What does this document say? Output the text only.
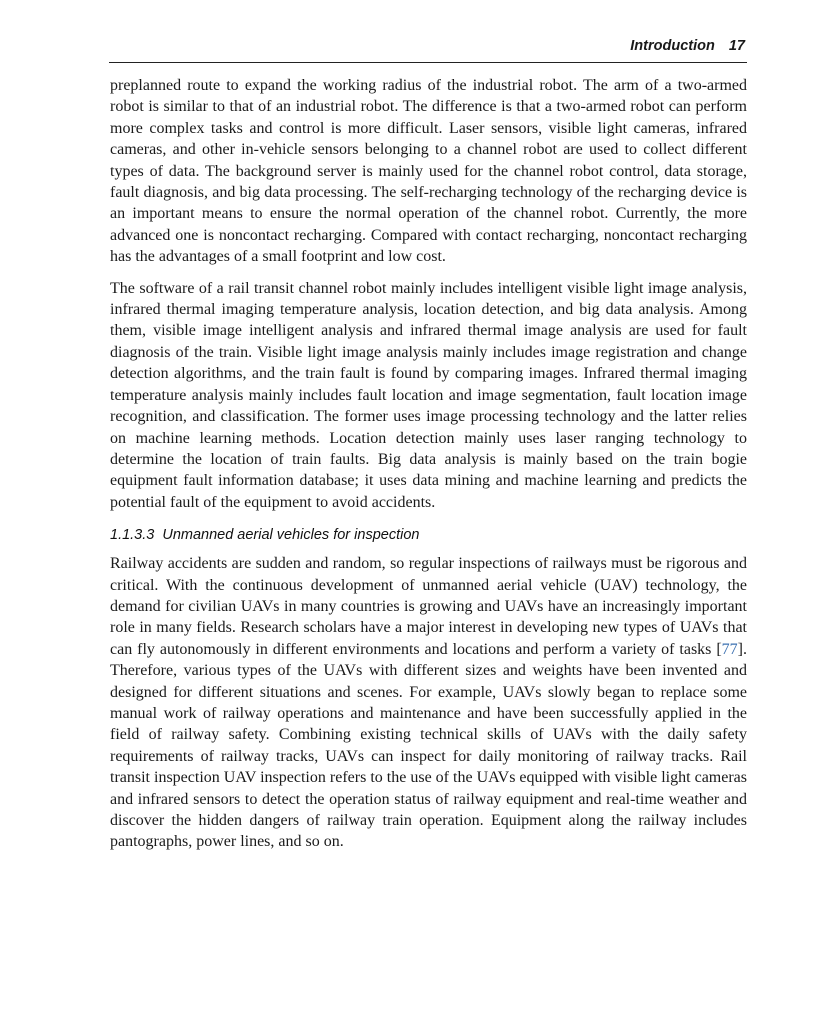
Introduction 17

preplanned route to expand the working radius of the industrial robot. The arm of a two-armed robot is similar to that of an industrial robot. The difference is that a two-armed robot can perform more complex tasks and control is more difficult. Laser sensors, visible light cameras, infrared cameras, and other in-vehicle sensors belonging to a channel robot are used to collect different types of data. The background server is mainly used for the channel robot control, data storage, fault diagnosis, and big data processing. The self-recharging technology of the recharging device is an important means to ensure the normal operation of the channel robot. Currently, the more advanced one is noncontact recharging. Compared with contact recharging, noncontact recharging has the advantages of a small footprint and low cost.

The software of a rail transit channel robot mainly includes intelligent visible light image analysis, infrared thermal imaging temperature analysis, location detection, and big data analysis. Among them, visible image intelligent analysis and infrared thermal image analysis are used for fault diagnosis of the train. Visible light image analysis mainly includes image registration and change detection algorithms, and the train fault is found by comparing images. Infrared thermal imaging temperature analysis mainly includes fault location and image segmentation, fault location image recognition, and classification. The former uses image processing technology and the latter relies on machine learning methods. Location detection mainly uses laser ranging technology to determine the location of train faults. Big data analysis is mainly based on the train bogie equipment fault information database; it uses data mining and machine learning and predicts the potential fault of the equipment to avoid accidents.

1.1.3.3 Unmanned aerial vehicles for inspection

Railway accidents are sudden and random, so regular inspections of railways must be rigorous and critical. With the continuous development of unmanned aerial vehicle (UAV) technology, the demand for civilian UAVs in many countries is growing and UAVs have an increasingly important role in many fields. Research scholars have a major interest in developing new types of UAVs that can fly autonomously in different environments and locations and perform a variety of tasks [77]. Therefore, various types of the UAVs with different sizes and weights have been invented and designed for different situations and scenes. For example, UAVs slowly began to replace some manual work of railway operations and maintenance and have been successfully applied in the field of railway safety. Combining existing technical skills of UAVs with the daily safety requirements of railway tracks, UAVs can inspect for daily monitoring of railway tracks. Rail transit inspection UAV inspection refers to the use of the UAVs equipped with visible light cameras and infrared sensors to detect the operation status of railway equipment and real-time weather and discover the hidden dangers of railway train operation. Equipment along the railway includes pantographs, power lines, and so on.
